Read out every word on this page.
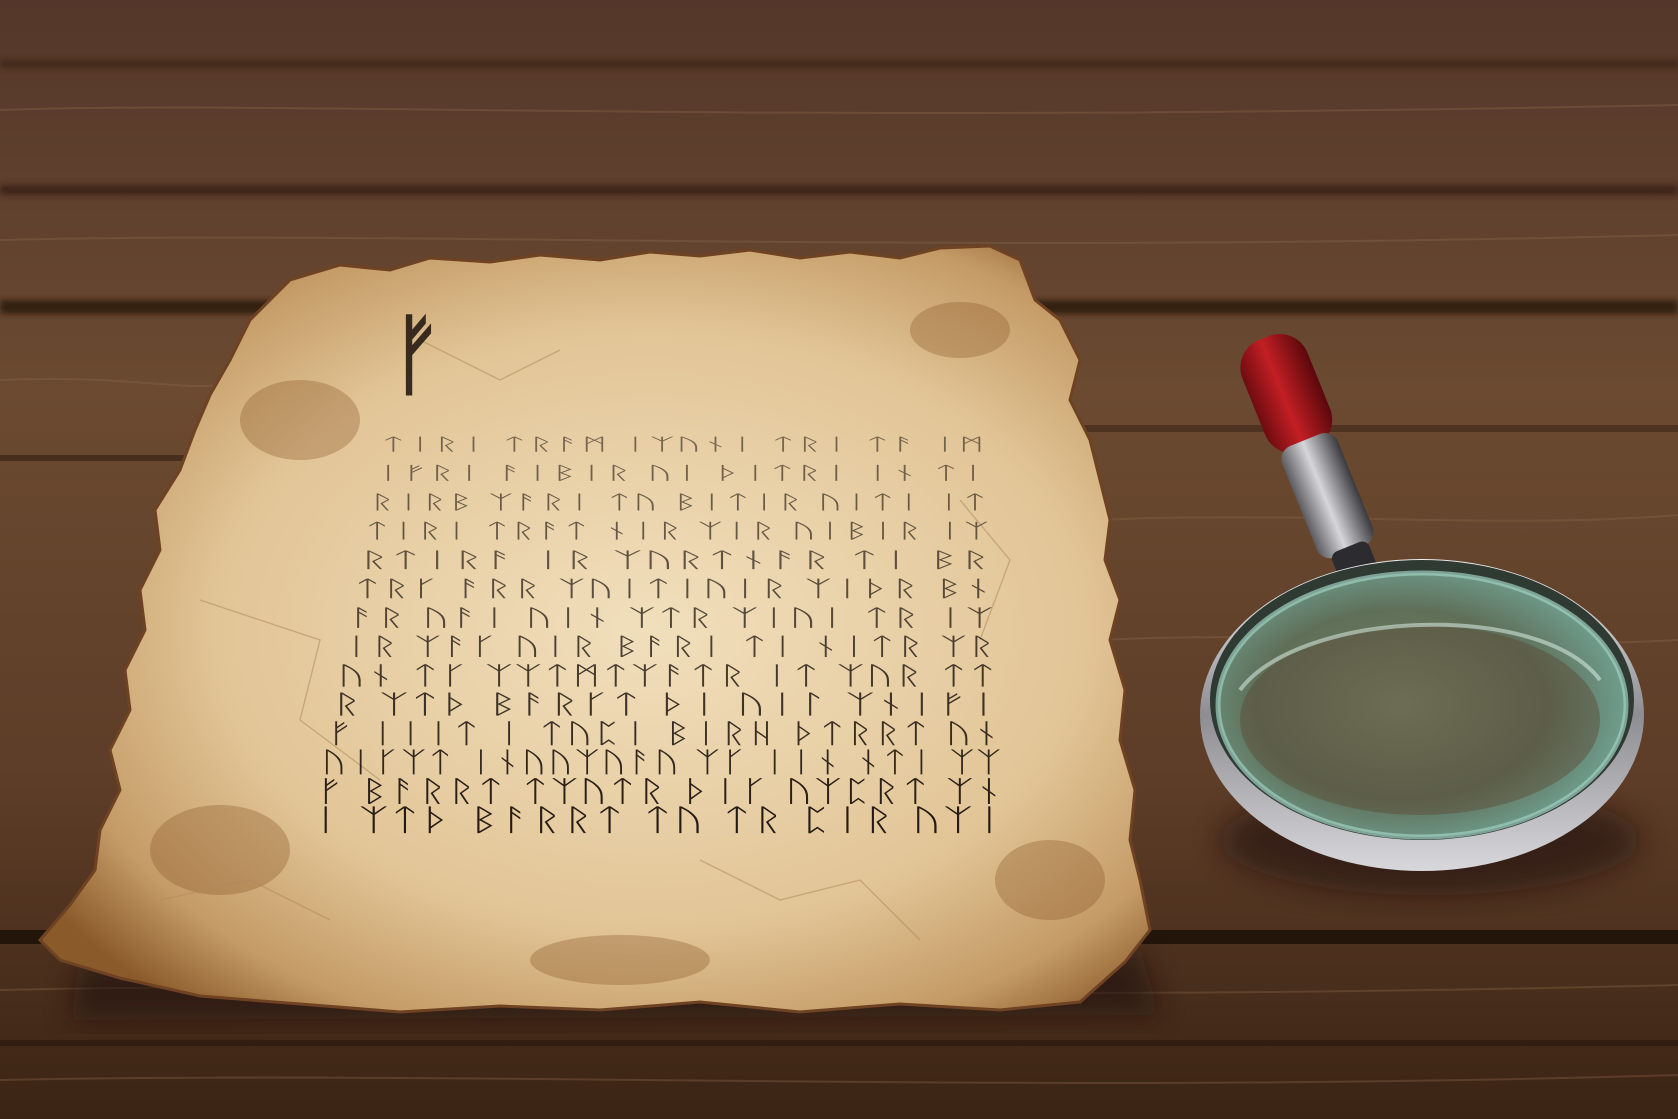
ᚠ
ᛏᛁᚱᛁ ᛏᚱᚨᛗ ᛁᛉᚢᚾᛁ ᛏᚱᛁ ᛏᚨ ᛁᛗ
ᛁᚠᚱᛁ ᚨᛁᛒᛁᚱ ᚢᛁ ᚦᛁᛏᚱᛁ ᛁᚾ ᛏᛁ
ᚱᛁᚱᛒ ᛉᚨᚱᛁ ᛏᚢ ᛒᛁᛏᛁᚱ ᚢᛁᛏᛁ ᛁᛏ
ᛏᛁᚱᛁ ᛏᚱᚨᛏ ᚾᛁᚱ ᛉᛁᚱ ᚢᛁᛒᛁᚱ ᛁᛉ
ᚱᛏᛁᚱᚨ ᛁᚱ ᛉᚢᚱᛏᚾᚨᚱ ᛏᛁ ᛒᚱ
ᛏᚱᚴ ᚨᚱᚱ ᛉᚢᛁᛏᛁᚢᛁᚱ ᛉᛁᚦᚱ ᛒᚾ
ᚨᚱ ᚢᚨᛁ ᚢᛁᚾ ᛉᛏᚱ ᛉᛁᚢᛁ ᛏᚱ ᛁᛉ
ᛁᚱ ᛉᚨᚴ ᚢᛁᚱ ᛒᚨᚱᛁ ᛏᛁ ᚾᛁᛏᚱ ᛉᚱ
ᚢᚾ ᛏᚴ ᛉᛉᛏᛗᛏᛉᚨᛏᚱ ᛁᛏ ᛉᚢᚱ ᛏᛏ
ᚱ ᛉᛏᚦ ᛒᚨᚱᚴᛏ ᚦᛁ ᚢᛁᛚ ᛉᚾᛁᚠᛁ
ᚠ ᛁᛁᛁᛏ ᛁ ᛏᚢᛈᛁ ᛒᛁᚱᚺ ᚦᛏᚱᚱᛏ ᚢᚾ
ᚢᛁᚴᛉᛏ ᛁᚾᚢᚢᛉᚢᚨᚢ ᛉᚴ ᛁᛁᚾ ᚾᛏᛁ ᛉᛉ
ᚠ ᛒᚨᚱᚱᛏ ᛏᛉᚢᛏᚱ ᚦᛁᚴ ᚢᛉᛈᚱᛏ ᛉᚾ
ᛁ ᛉᛏᚦ ᛒᚨᚱᚱᛏ ᛏᚢ ᛏᚱ ᛈᛁᚱ ᚢᛉᛁ
